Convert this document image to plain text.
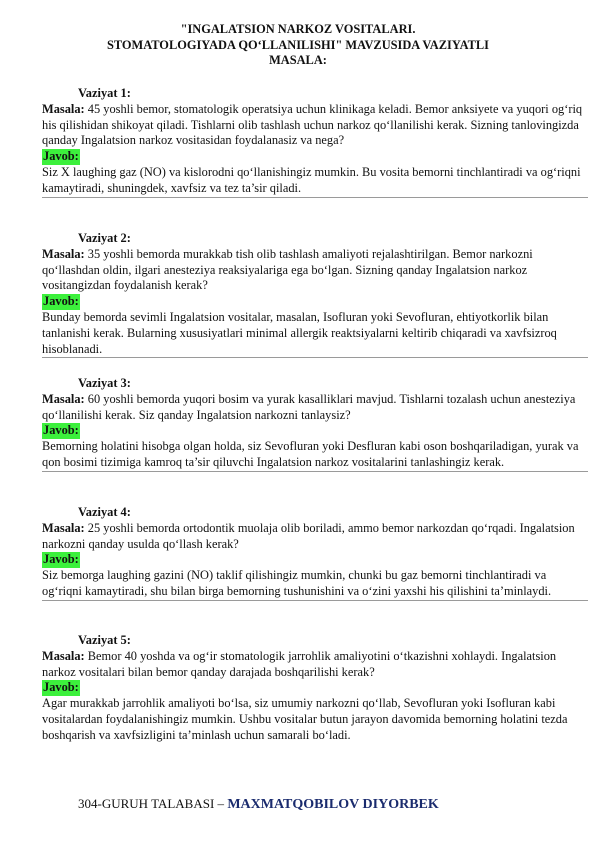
"INGALATSION NARKOZ VOSITALARI.
STOMATOLOGIYADA QO‘LLANILISHI" MAVZUSIDA VAZIYATLI
MASALA:

Vaziyat 1:

Masala: 45 yoshli bemor, stomatologik operatsiya uchun klinikaga keladi. Bemor anksiyete va yuqori og‘riq his qilishidan shikoyat qiladi. Tishlarni olib tashlash uchun narkoz qo‘llanilishi kerak. Sizning tanlovingizda qanday Ingalatsion narkoz vositasidan foydalanasiz va nega?

Javob:

Siz X laughing gaz (NO) va kislorodni qo‘llanishingiz mumkin. Bu vosita bemorni tinchlantiradi va og‘riqni kamaytiradi, shuningdek, xavfsiz va tez ta’sir qiladi.

Vaziyat 2:

Masala: 35 yoshli bemorda murakkab tish olib tashlash amaliyoti rejalashtirilgan. Bemor narkozni qo‘llashdan oldin, ilgari anesteziya reaksiyalariga ega bo‘lgan. Sizning qanday Ingalatsion narkoz vositangizdan foydalanish kerak?

Javob:

Bunday bemorda sevimli Ingalatsion vositalar, masalan, Isofluran yoki Sevofluran, ehtiyotkorlik bilan tanlanishi kerak. Bularning xususiyatlari minimal allergik reaktsiyalarni keltirib chiqaradi va xavfsizroq hisoblanadi.

Vaziyat 3:

Masala: 60 yoshli bemorda yuqori bosim va yurak kasalliklari mavjud. Tishlarni tozalash uchun anesteziya qo‘llanilishi kerak. Siz qanday Ingalatsion narkozni tanlaysiz?

Javob:

Bemorning holatini hisobga olgan holda, siz Sevofluran yoki Desfluran kabi oson boshqariladigan, yurak va qon bosimi tizimiga kamroq ta’sir qiluvchi Ingalatsion narkoz vositalarini tanlashingiz kerak.

Vaziyat 4:

Masala: 25 yoshli bemorda ortodontik muolaja olib boriladi, ammo bemor narkozdan qo‘rqadi. Ingalatsion narkozni qanday usulda qo‘llash kerak?

Javob:

Siz bemorga laughing gazini (NO) taklif qilishingiz mumkin, chunki bu gaz bemorni tinchlantiradi va og‘riqni kamaytiradi, shu bilan birga bemorning tushunishini va o‘zini yaxshi his qilishini ta’minlaydi.

Vaziyat 5:

Masala: Bemor 40 yoshda va og‘ir stomatologik jarrohlik amaliyotini o‘tkazishni xohlaydi. Ingalatsion narkoz vositalari bilan bemor qanday darajada boshqarilishi kerak?

Javob:

Agar murakkab jarrohlik amaliyoti bo‘lsa, siz umumiy narkozni qo‘llab, Sevofluran yoki Isofluran kabi vositalardan foydalanishingiz mumkin. Ushbu vositalar butun jarayon davomida bemorning holatini tezda boshqarish va xavfsizligini ta’minlash uchun samarali bo‘ladi.

304-GURUH TALABASI – MAXMATQOBILOV DIYORBEK
